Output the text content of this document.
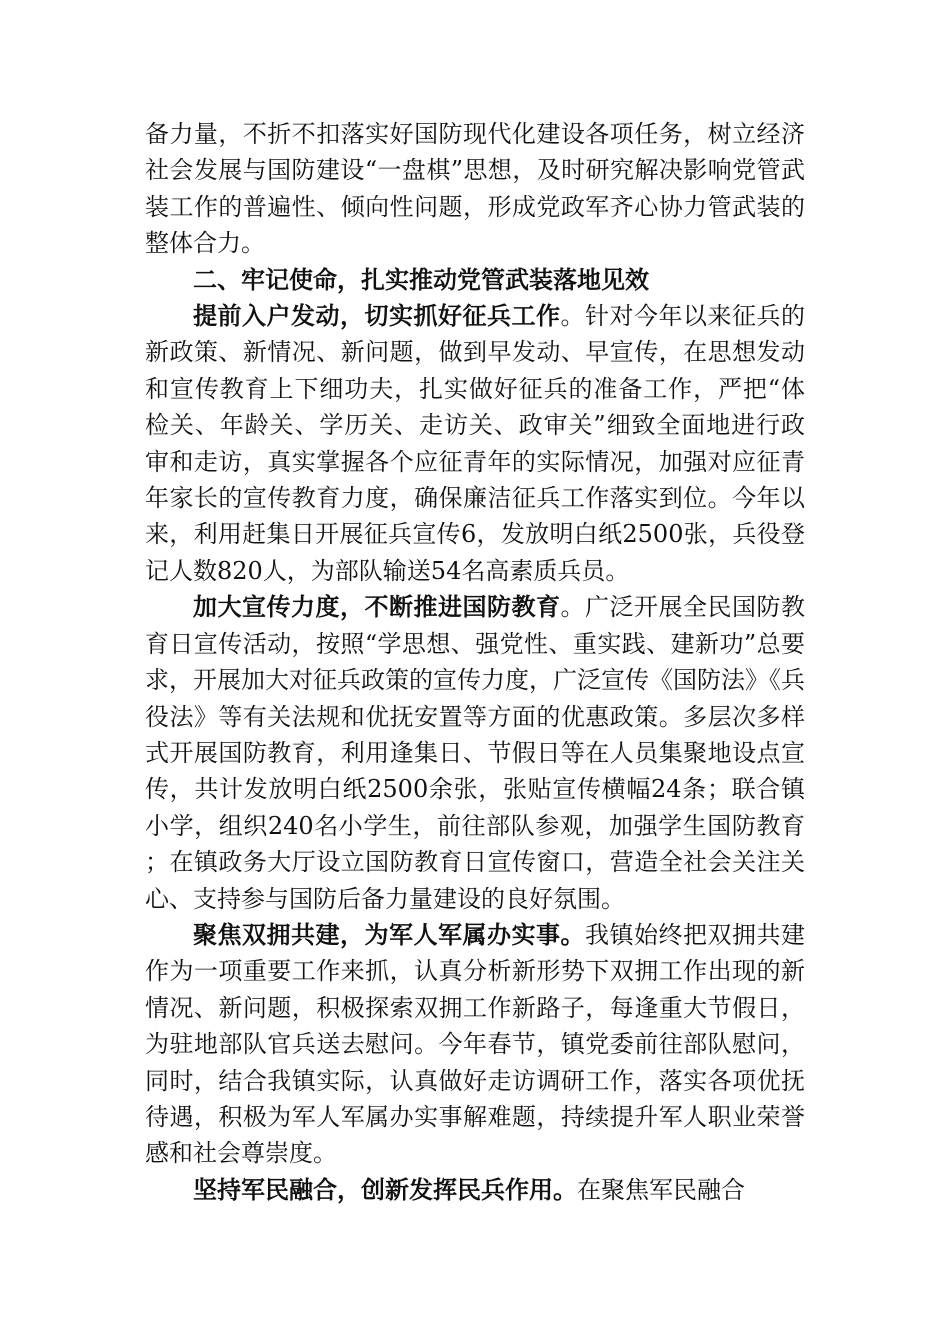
备力量，不折不扣落实好国防现代化建设各项任务，树立经济社会发展与国防建设“一盘棋”思想，及时研究解决影响党管武装工作的普遍性、倾向性问题，形成党政军齐心协力管武装的整体合力。

二、牢记使命，扎实推动党管武装落地见效

提前入户发动，切实抓好征兵工作。针对今年以来征兵的新政策、新情况、新问题，做到早发动、早宣传，在思想发动和宣传教育上下细功夫，扎实做好征兵的准备工作，严把“体检关、年龄关、学历关、走访关、政审关”细致全面地进行政审和走访，真实掌握各个应征青年的实际情况，加强对应征青年家长的宣传教育力度，确保廉洁征兵工作落实到位。今年以来，利用赶集日开展征兵宣传6，发放明白纸2500张，兵役登记人数820人，为部队输送54名高素质兵员。

加大宣传力度，不断推进国防教育。广泛开展全民国防教育日宣传活动，按照“学思想、强党性、重实践、建新功”总要求，开展加大对征兵政策的宣传力度，广泛宣传《国防法》《兵役法》等有关法规和优抚安置等方面的优惠政策。多层次多样式开展国防教育，利用逢集日、节假日等在人员集聚地设点宣传，共计发放明白纸2500余张，张贴宣传横幅24条；联合镇小学，组织240名小学生，前往部队参观，加强学生国防教育；在镇政务大厅设立国防教育日宣传窗口，营造全社会关注关心、支持参与国防后备力量建设的良好氛围。

聚焦双拥共建，为军人军属办实事。我镇始终把双拥共建作为一项重要工作来抓，认真分析新形势下双拥工作出现的新情况、新问题，积极探索双拥工作新路子，每逢重大节假日，为驻地部队官兵送去慰问。今年春节，镇党委前往部队慰问，同时，结合我镇实际，认真做好走访调研工作，落实各项优抚待遇，积极为军人军属办实事解难题，持续提升军人职业荣誉感和社会尊崇度。

坚持军民融合，创新发挥民兵作用。在聚焦军民融合
